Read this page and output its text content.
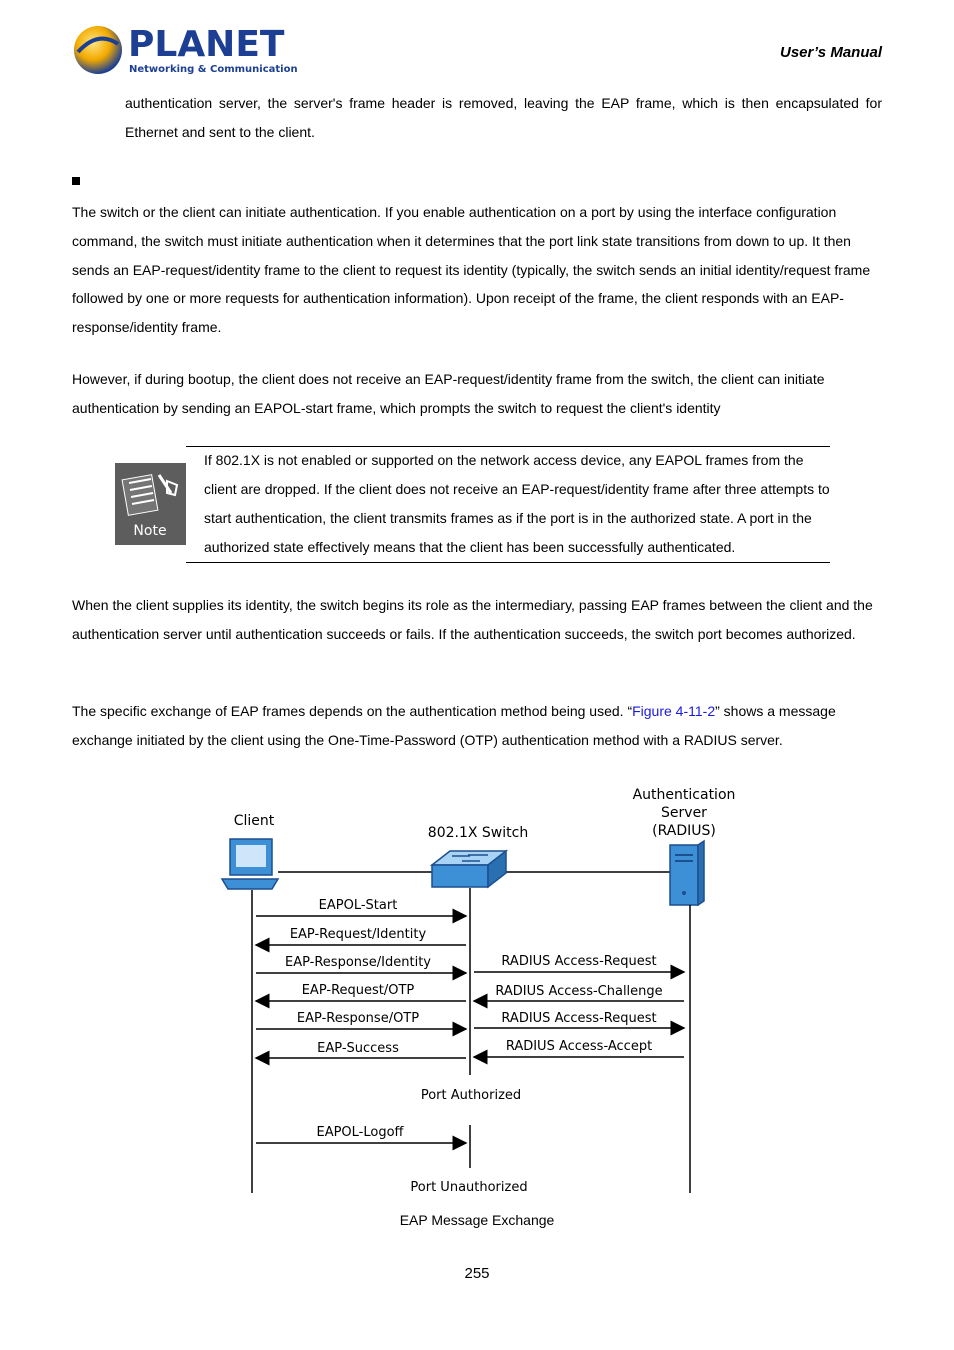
PLANET
Networking & Communication
User’s Manual
authentication server, the server's frame header is removed, leaving the EAP frame, which is then encapsulated for Ethernet and sent to the client.
The switch or the client can initiate authentication. If you enable authentication on a port by using the interface configuration command, the switch must initiate authentication when it determines that the port link state transitions from down to up. It then sends an EAP-request/identity frame to the client to request its identity (typically, the switch sends an initial identity/request frame followed by one or more requests for authentication information). Upon receipt of the frame, the client responds with an EAP-response/identity frame.
However, if during bootup, the client does not receive an EAP-request/identity frame from the switch, the client can initiate authentication by sending an EAPOL-start frame, which prompts the switch to request the client's identity
Note
If 802.1X is not enabled or supported on the network access device, any EAPOL frames from the client are dropped. If the client does not receive an EAP-request/identity frame after three attempts to start authentication, the client transmits frames as if the port is in the authorized state. A port in the authorized state effectively means that the client has been successfully authenticated.
When the client supplies its identity, the switch begins its role as the intermediary, passing EAP frames between the client and the authentication server until authentication succeeds or fails. If the authentication succeeds, the switch port becomes authorized.
The specific exchange of EAP frames depends on the authentication method being used. “Figure 4-11-2” shows a message exchange initiated by the client using the One-Time-Password (OTP) authentication method with a RADIUS server.
Client
802.1X Switch
Authentication
Server
(RADIUS)
EAPOL-Start
EAP-Request/Identity
EAP-Response/Identity
EAP-Request/OTP
EAP-Response/OTP
EAP-Success
RADIUS Access-Request
RADIUS Access-Challenge
RADIUS Access-Request
RADIUS Access-Accept
Port Authorized
EAPOL-Logoff
Port Unauthorized
EAP Message Exchange
255
